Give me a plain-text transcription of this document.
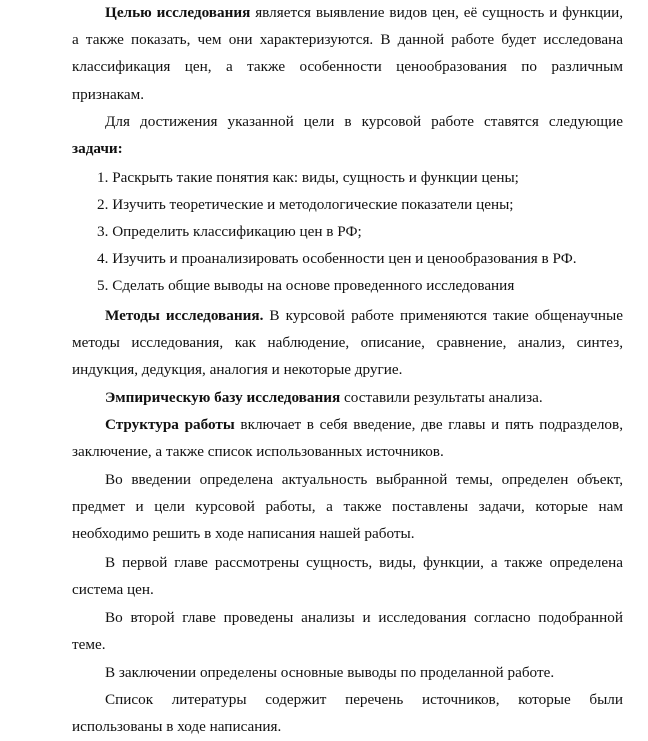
Целью исследования является выявление видов цен, её сущность и функции, а также показать, чем они характеризуются. В данной работе будет исследована классификация цен, а также особенности ценообразования по различным признакам.

Для достижения указанной цели в курсовой работе ставятся следующие задачи:

1. Раскрыть такие понятия как: виды, сущность и функции цены;

2. Изучить теоретические и методологические показатели цены;

3. Определить классификацию цен в РФ;

4. Изучить и проанализировать особенности цен и ценообразования в РФ.

5. Сделать общие выводы на основе проведенного исследования

Методы исследования. В курсовой работе применяются такие общенаучные методы исследования, как наблюдение, описание, сравнение, анализ, синтез, индукция, дедукция, аналогия и некоторые другие.

Эмпирическую базу исследования составили результаты анализа.

Структура работы включает в себя введение, две главы и пять подразделов, заключение, а также список использованных источников.

Во введении определена актуальность выбранной темы, определен объект, предмет и цели курсовой работы, а также поставлены задачи, которые нам необходимо решить в ходе написания нашей работы.

В первой главе рассмотрены сущность, виды, функции, а также определена система цен.

Во второй главе проведены анализы и исследования согласно подобранной теме.

В заключении определены основные выводы по проделанной работе.

Список литературы содержит перечень источников, которые были использованы в ходе написания.
